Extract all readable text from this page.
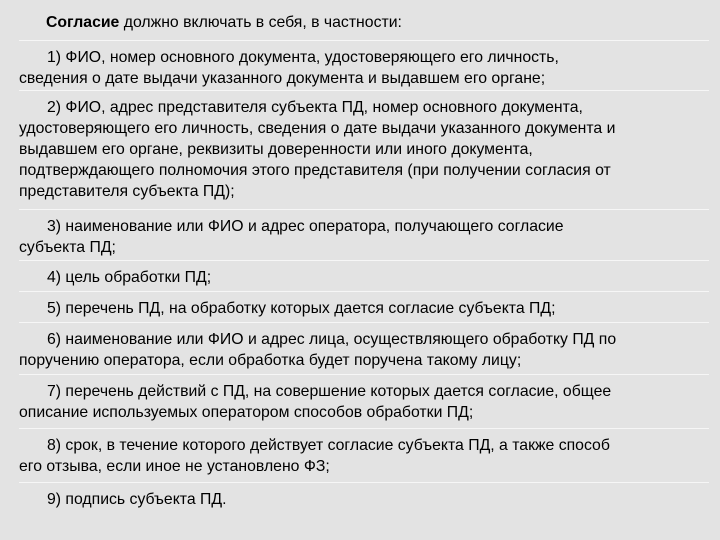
Согласие должно включать в себя, в частности:
1) ФИО, номер основного документа, удостоверяющего его личность,
сведения о дате выдачи указанного документа и выдавшем его органе;
2) ФИО, адрес представителя субъекта ПД, номер основного документа,
удостоверяющего его личность, сведения о дате выдачи указанного документа и
выдавшем его органе, реквизиты доверенности или иного документа,
подтверждающего полномочия этого представителя (при получении согласия от
представителя субъекта ПД);
3) наименование или ФИО и адрес оператора, получающего согласие
субъекта ПД;
4) цель обработки ПД;
5) перечень ПД, на обработку которых дается согласие субъекта ПД;
6) наименование или ФИО и адрес лица, осуществляющего обработку ПД по
поручению оператора, если обработка будет поручена такому лицу;
7) перечень действий с ПД, на совершение которых дается согласие, общее
описание используемых оператором способов обработки ПД;
8) срок, в течение которого действует согласие субъекта ПД, а также способ
его отзыва, если иное не установлено ФЗ;
9) подпись субъекта ПД.
